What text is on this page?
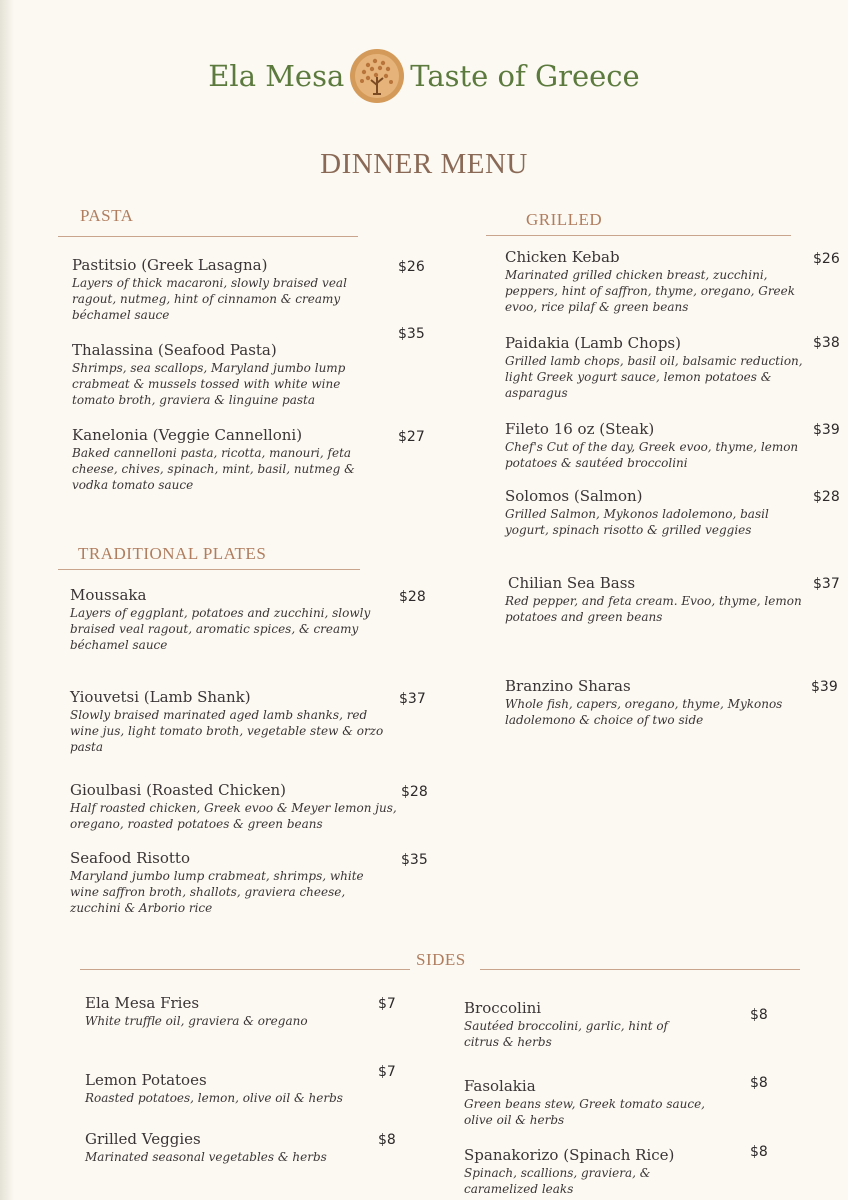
Ela Mesa Taste of Greece
DINNER MENU
PASTA
Pastitsio (Greek Lasagna)
Layers of thick macaroni, slowly braised veal ragout, nutmeg, hint of cinnamon & creamy béchamel sauce
$26
Thalassina (Seafood Pasta)
Shrimps, sea scallops, Maryland jumbo lump crabmeat & mussels tossed with white wine tomato broth, graviera & linguine pasta
$35
Kanelonia (Veggie Cannelloni)
Baked cannelloni pasta, ricotta, manouri, feta cheese, chives, spinach, mint, basil, nutmeg & vodka tomato sauce
$27
TRADITIONAL PLATES
Moussaka
Layers of eggplant, potatoes and zucchini, slowly braised veal ragout, aromatic spices, & creamy béchamel sauce
$28
Yiouvetsi (Lamb Shank)
Slowly braised marinated aged lamb shanks, red wine jus, light tomato broth, vegetable stew & orzo pasta
$37
Gioulbasi (Roasted Chicken)
Half roasted chicken, Greek evoo & Meyer lemon jus, oregano, roasted potatoes & green beans
$28
Seafood Risotto
Maryland jumbo lump crabmeat, shrimps, white wine saffron broth, shallots, graviera cheese, zucchini & Arborio rice
$35
GRILLED
Chicken Kebab
Marinated grilled chicken breast, zucchini, peppers, hint of saffron, thyme, oregano, Greek evoo, rice pilaf & green beans
$26
Paidakia (Lamb Chops)
Grilled lamb chops, basil oil, balsamic reduction, light Greek yogurt sauce, lemon potatoes & asparagus
$38
Fileto 16 oz (Steak)
Chef's Cut of the day, Greek evoo, thyme, lemon potatoes & sautéed broccolini
$39
Solomos (Salmon)
Grilled Salmon, Mykonos ladolemono, basil yogurt, spinach risotto & grilled veggies
$28
Chilian Sea Bass
Red pepper, and feta cream. Evoo, thyme, lemon potatoes and green beans
$37
Branzino Sharas
Whole fish, capers, oregano, thyme, Mykonos ladolemono & choice of two side
$39
SIDES
Ela Mesa Fries
White truffle oil, graviera & oregano
$7
Lemon Potatoes
Roasted potatoes, lemon, olive oil & herbs
$7
Grilled Veggies
Marinated seasonal vegetables & herbs
$8
Broccolini
Sautéed broccolini, garlic, hint of citrus & herbs
$8
Fasolakia
Green beans stew, Greek tomato sauce, olive oil & herbs
$8
Spanakorizo (Spinach Rice)
Spinach, scallions, graviera, & caramelized leaks
$8
